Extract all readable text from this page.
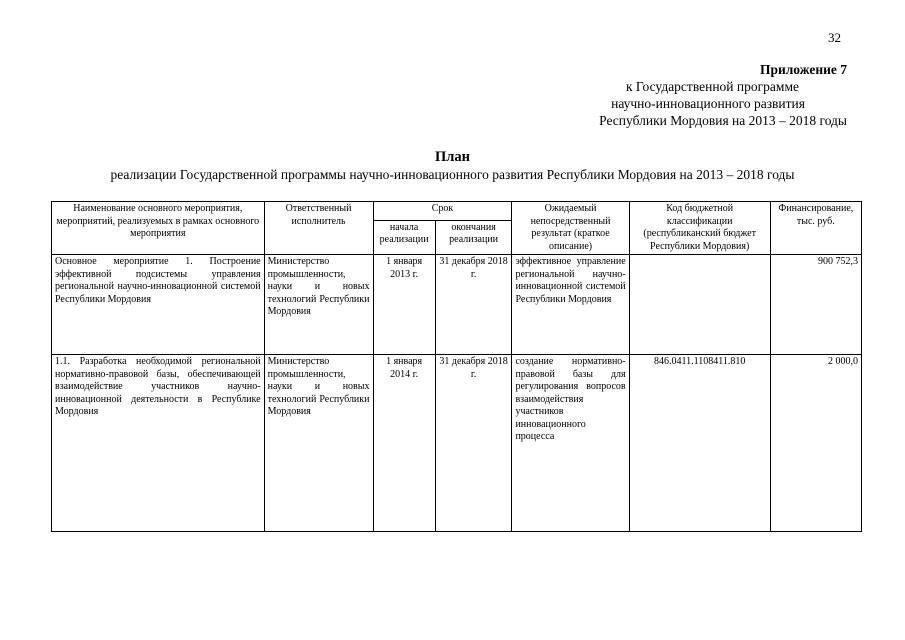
32
Приложение 7
к Государственной программе
научно-инновационного развития
Республики Мордовия на 2013 – 2018 годы
План
реализации Государственной программы научно-инновационного развития Республики Мордовия на 2013 – 2018 годы
Наименование основного мероприятия, мероприятий, реализуемых в рамках основного мероприятия	Ответственный исполнитель	Срок		Ожидаемый непосредственный результат (краткое описание)	Код бюджетной классификации (республиканский бюджет Республики Мордовия)	Финансирование, тыс. руб.
		начала реализации	окончания реализации			
Основное мероприятие 1. Построение эффективной подсистемы управления региональной научно-инновационной системой Республики Мордовия	Министерство промышленности, науки и новых технологий Республики Мордовия	1 января 2013 г.	31 декабря 2018 г.	эффективное управление региональной научно-инновационной системой Республики Мордовия		900 752,3
1.1. Разработка необходимой региональной нормативно-правовой базы, обеспечивающей взаимодействие участников научно-инновационной деятельности в Республике Мордовия	Министерство промышленности, науки и новых технологий Республики Мордовия	1 января 2014 г.	31 декабря 2018 г.	создание нормативно-правовой базы для регулирования вопросов взаимодействия участников инновационного процесса	846.0411.1108411.810	2 000,0
